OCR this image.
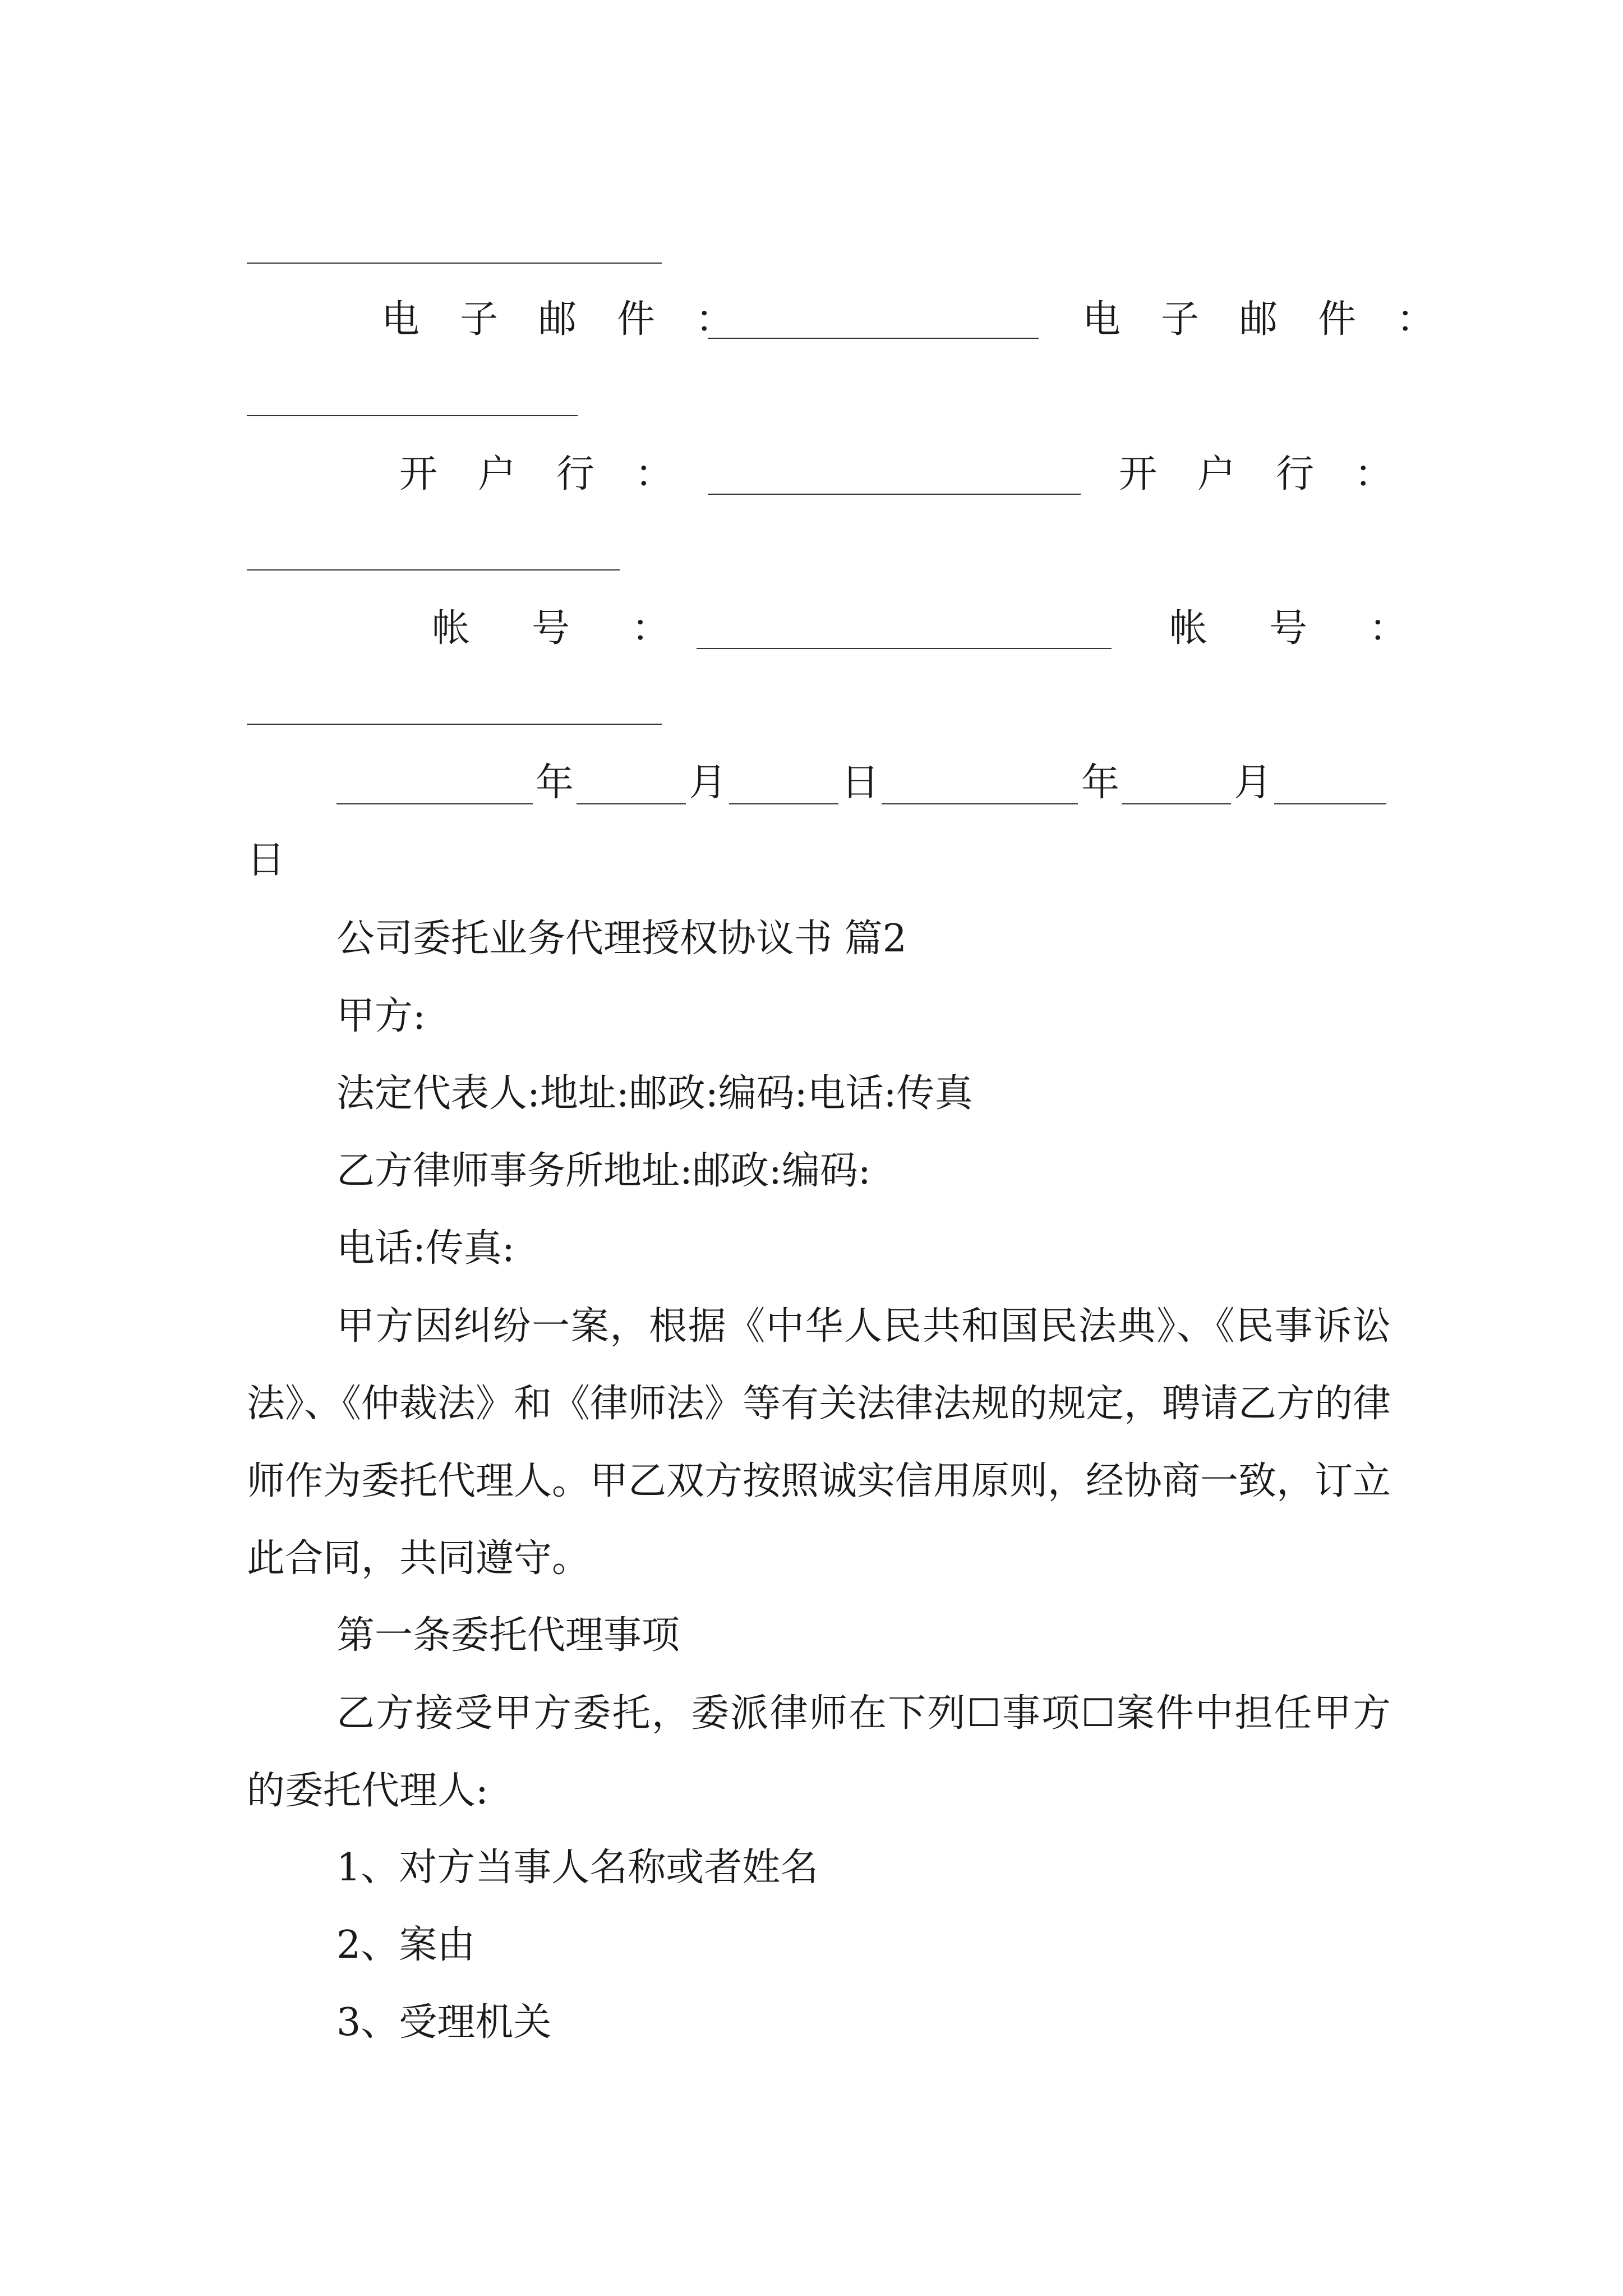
电子邮件：	电子邮件：

开户行：	开户行：

帐号：	帐号：

年	月	日	年	月

日

公司委托业务代理授权协议书 篇2

甲方:

法定代表人:地址:邮政:编码:电话:传真

乙方律师事务所地址:邮政:编码:

电话:传真:

甲方因纠纷一案，根据《中华人民共和国民法典》、《民事诉讼法》、《仲裁法》和《律师法》等有关法律法规的规定，聘请乙方的律师作为委托代理人。甲乙双方按照诚实信用原则，经协商一致，订立此合同，共同遵守。

第一条委托代理事项

乙方接受甲方委托，委派律师在下列☐事项☐案件中担任甲方的委托代理人:

1、对方当事人名称或者姓名

2、案由

3、受理机关
